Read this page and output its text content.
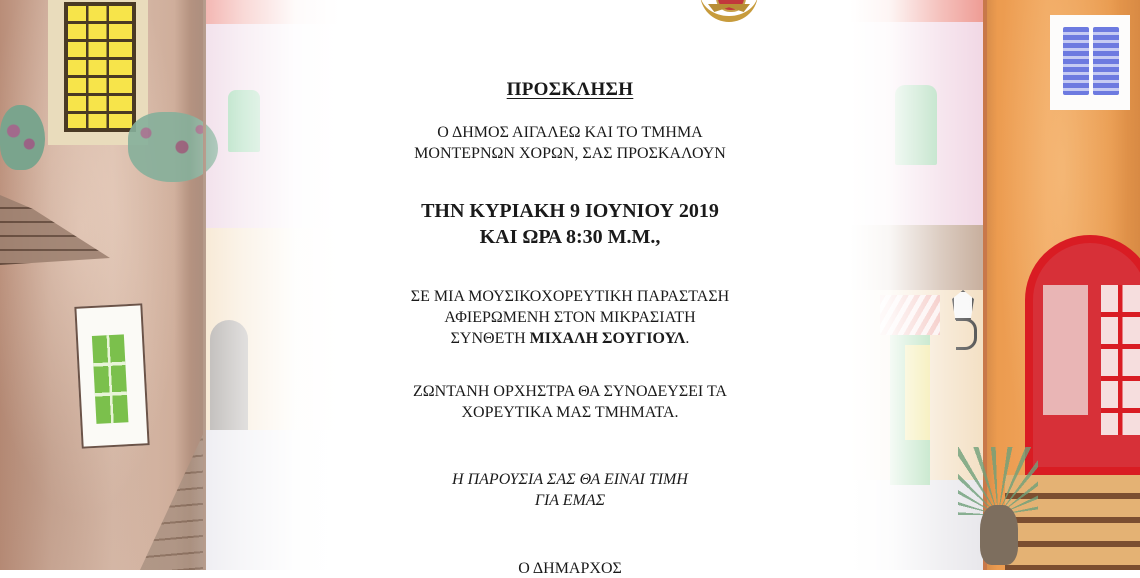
ΠΡΟΣΚΛΗΣΗ
Ο ΔΗΜΟΣ ΑΙΓΑΛΕΩ ΚΑΙ ΤΟ ΤΜΗΜΑ
ΜΟΝΤΕΡΝΩΝ ΧΟΡΩΝ, ΣΑΣ ΠΡΟΣΚΑΛΟΥΝ
ΤΗΝ ΚΥΡΙΑΚΗ 9 ΙΟΥΝΙΟΥ 2019
ΚΑΙ ΩΡΑ 8:30 Μ.Μ.,
ΣΕ ΜΙΑ ΜΟΥΣΙΚΟΧΟΡΕΥΤΙΚΗ ΠΑΡΑΣΤΑΣΗ
ΑΦΙΕΡΩΜΕΝΗ ΣΤΟΝ ΜΙΚΡΑΣΙΑΤΗ
ΣΥΝΘΕΤΗ ΜΙΧΑΛΗ ΣΟΥΓΙΟΥΛ.
ΖΩΝΤΑΝΗ ΟΡΧΗΣΤΡΑ ΘΑ ΣΥΝΟΔΕΥΣΕΙ ΤΑ
ΧΟΡΕΥΤΙΚΑ ΜΑΣ ΤΜΗΜΑΤΑ.
Η ΠΑΡΟΥΣΙΑ ΣΑΣ ΘΑ ΕΙΝΑΙ ΤΙΜΗ
ΓΙΑ ΕΜΑΣ
Ο ΔΗΜΑΡΧΟΣ
